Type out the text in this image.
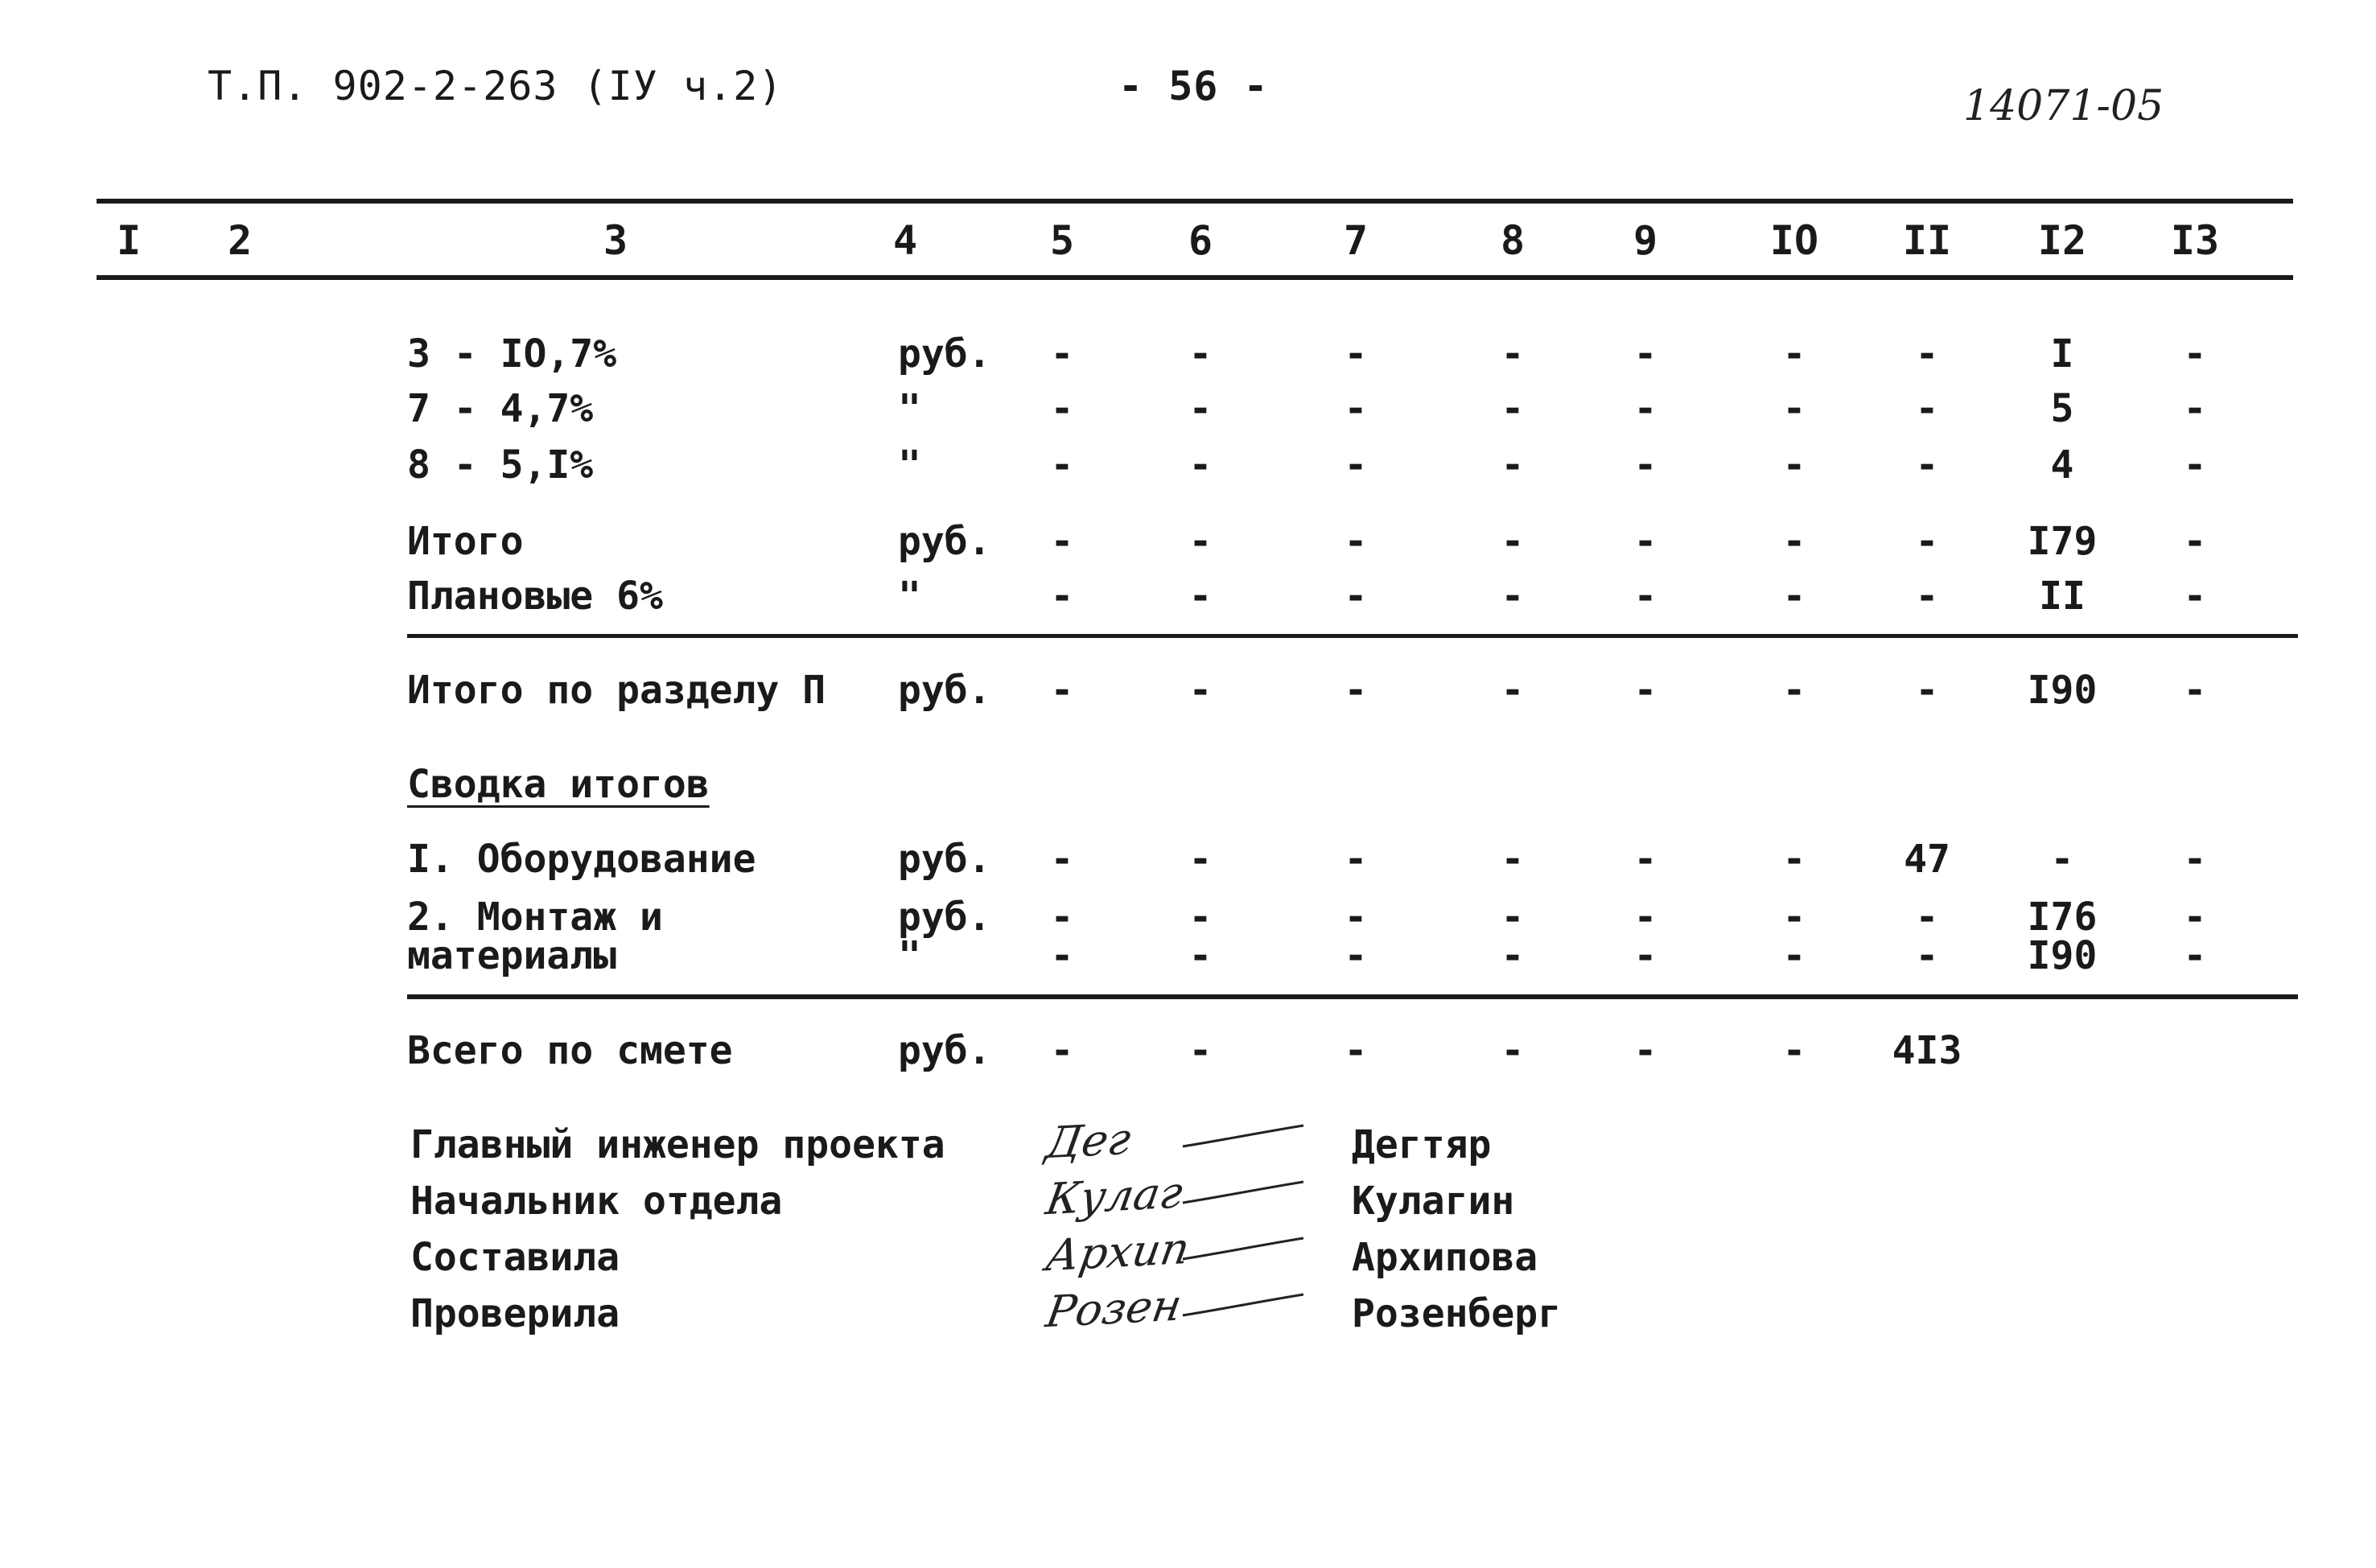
Т.П. 902-2-263 (IУ ч.2)	- 56 -	14071-05
I 2	3	4	5	6	7	8	9	IO II I2 I3
3 - IO,7%	руб. -	-	-	-	-	-	-	I	-
7 - 4,7%	"	-	-	-	-	-	-	-	5	-
8 - 5,I%	"	-	-	-	-	-	-	-	4	-
Итого	руб. -	-	-	-	-	-	- I79 -
Плановые 6%	"	-	-	-	-	-	-	-	II	-
Итого по разделу П руб. -	-	-	-	-	-	- I90 -
I. Оборудование	руб. -	-	-	-	-	-	47	-	-
2. Монтаж и	руб. -	-	-	-	-	-	- I76 -
материалы	"	-	-	-	-	-	-	- I90 -
Всего по смете	руб. -	-	-	-	-	- 4I3
Сводка итогов
Главный инженер проекта Дег	Дегтяр
Начальник отдела	Кулаг	Кулагин
Составила	Архип	Архипова
Проверила	Розен	Розенберг
